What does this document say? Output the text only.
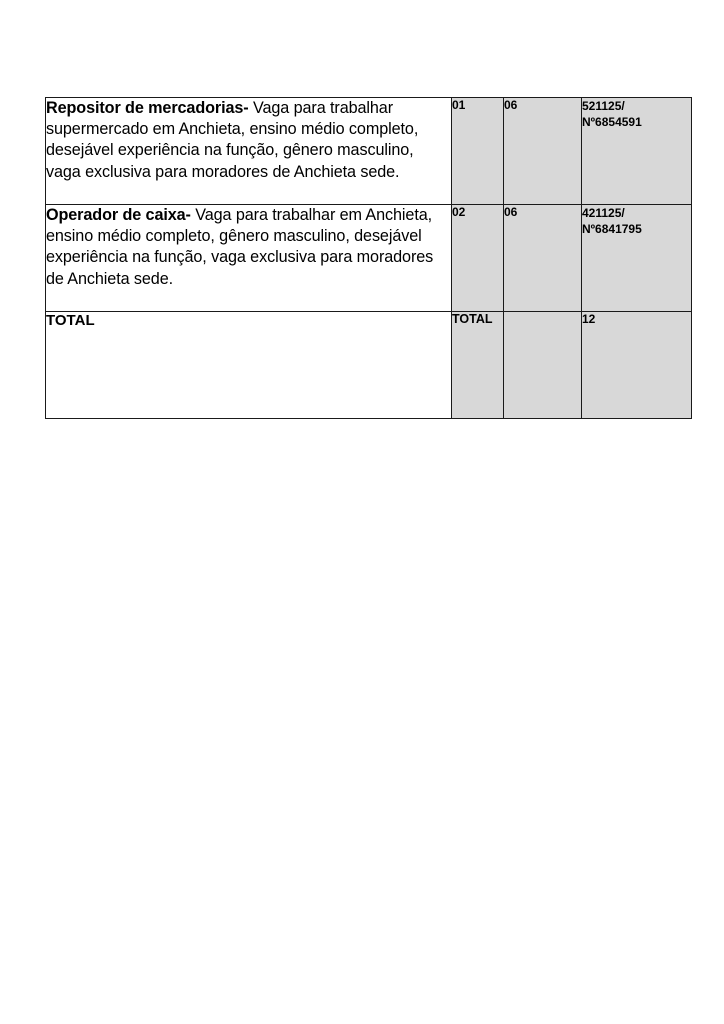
Repositor de mercadorias- Vaga para trabalhar supermercado em Anchieta, ensino médio completo, desejável experiência na função, gênero masculino, vaga exclusiva para moradores de Anchieta sede.	01	06	521125/
Nº6854591

Operador de caixa- Vaga para trabalhar em Anchieta, ensino médio completo, gênero masculino, desejável experiência na função, vaga exclusiva para moradores de Anchieta sede.	02	06	421125/
Nº6841795

TOTAL	TOTAL		12
